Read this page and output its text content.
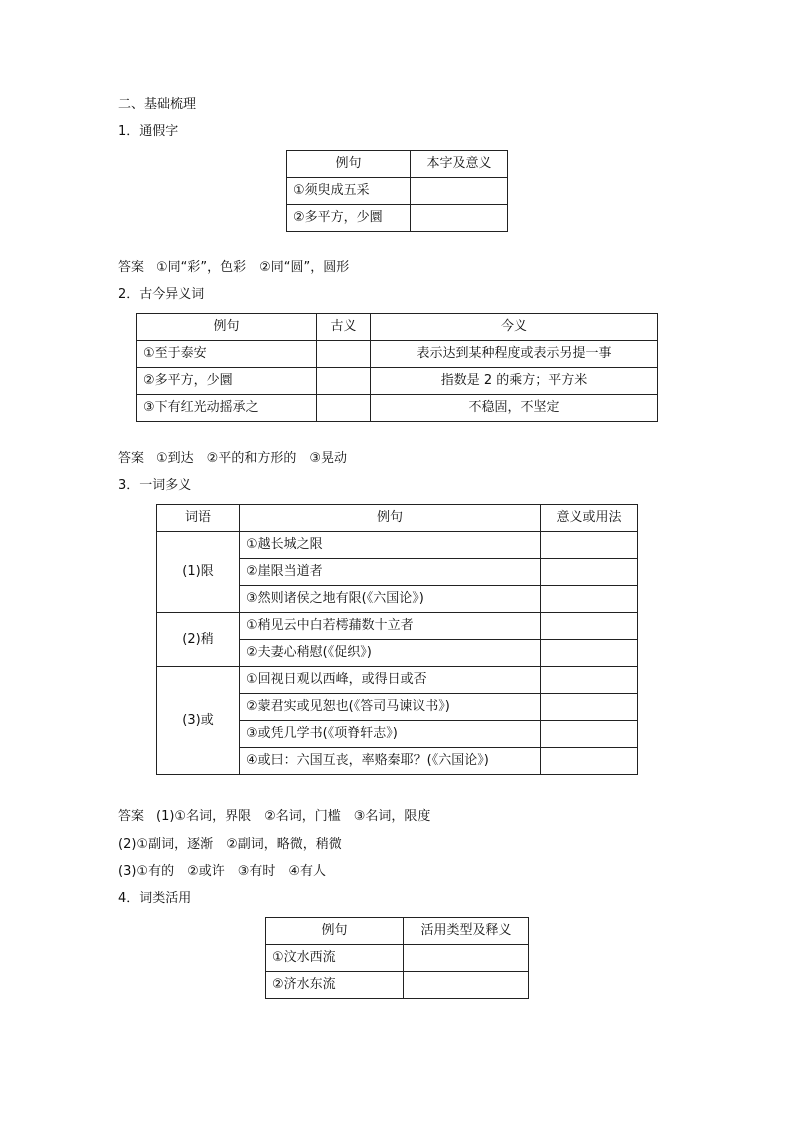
二、基础梳理
1．通假字
例句	本字及意义
①须臾成五采	
②多平方，少圜	
答案 ①同“彩”，色彩　②同“圆”，圆形
2．古今异义词
例句	古义	今义
①至于泰安		表示达到某种程度或表示另提一事
②多平方，少圜		指数是 2 的乘方；平方米
③下有红光动摇承之		不稳固，不坚定
答案 ①到达　②平的和方形的　③晃动
3．一词多义
词语	例句	意义或用法
(1)限	①越长城之限	
	②崖限当道者	
	③然则诸侯之地有限(《六国论》)	
(2)稍	①稍见云中白若樗蒱数十立者	
	②夫妻心稍慰(《促织》)	
(3)或	①回视日观以西峰，或得日或否	
	②蒙君实或见恕也(《答司马谏议书》)	
	③或凭几学书(《项脊轩志》)	
	④或曰：六国互丧，率赂秦耶？(《六国论》)	
答案 (1)①名词，界限　②名词，门槛　③名词，限度
(2)①副词，逐渐　②副词，略微，稍微
(3)①有的　②或许　③有时　④有人
4．词类活用
例句	活用类型及释义
①汶水西流	
②济水东流	
